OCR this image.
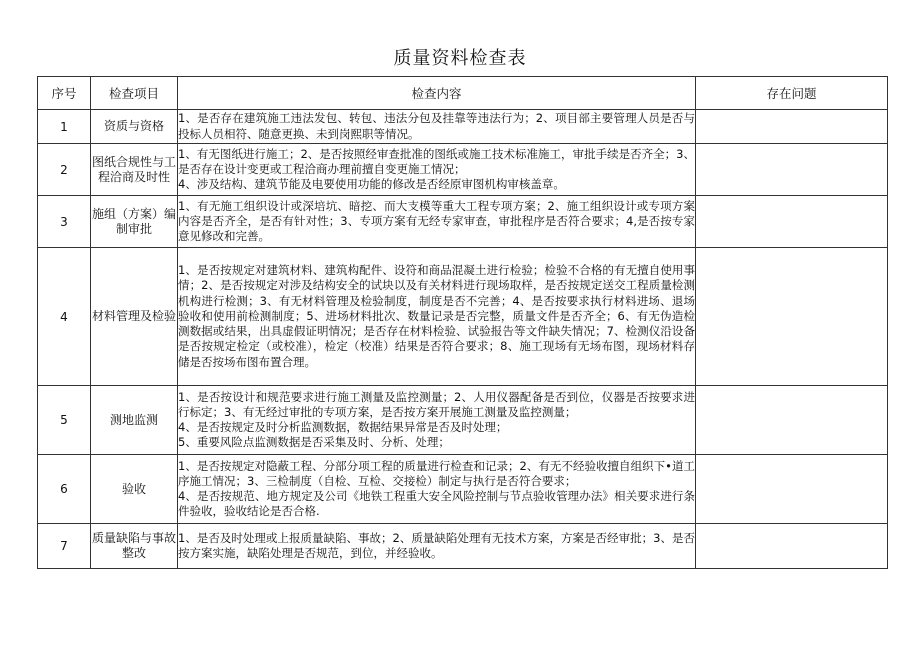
质量资料检查表
序号	检查项目	检查内容	存在问题
1	资质与资格	1、是否存在建筑施工违法发包、转包、违法分包及挂靠等违法行为；2、项目部主要管理人员是否与投标人员相符、随意更换、未到岗熙职等情况。	

2	图纸合规性与工程洽商及时性	1、有无图纸进行施工；2、是否按照经审查批准的图纸或施工技术标准施工，审批手续是否齐全；3、是否存在设计变更或工程洽商办理前擅自变更施工情况；
4、涉及结构、建筑节能及电要使用功能的修改是否经原审图机构审核盖章。	

3	施组（方案）编制审批	1、有无施工组织设计或深培坑、暗挖、而大支模等重大工程专项方案；2、施工组织设计或专项方案内容是否齐全，是否有针对性；3、专项方案有无经专家审查，审批程序是否符合要求；4,是否按专家意见修改和完善。	

4	材料管理及检验	1、是否按规定对建筑材料、建筑构配件、设符和商品混凝土进行检验；检验不合格的有无擅自使用事情；2、是否按规定对涉及结构安全的试块以及有关材料进行现场取样，是否按规定送交工程质量检测机构进行检测；3、有无材料管理及检验制度，制度是否不完善；4、是否按要求执行材料进场、退场验收和使用前检测制度；5、进场材料批次、数量记录是否完整，质量文件是否齐全；6、有无伪造检测数据或结果，出具虚假证明情况；是否存在材料检验、试验报告等文件缺失情况；7、检测仪沿设备是否按规定检定（或校准），检定（校准）结果是否符合要求；8、施工现场有无场布图，现场材料存储是否按场布图布置合理。	

5	测地监测	1、是否按设计和规范要求进行施工测量及监控测量；2、人用仪器配备是否到位，仪器是否按要求进行标定；3、有无经过审批的专项方案，是否按方案开展施工测量及监控测量；
4、是否按规定及时分析监测数据，数据结果异常是否及时处理；
5、重要风险点监测数据是否采集及时、分析、处理；	

6	验收	1、是否按规定对隐蔽工程、分部分项工程的质量进行检查和记录；2、有无不经验收擅自组织下•道工序施工情况；3、三检制度（自检、互检、交接检）制定与执行是否符合要求；
4、是否按规范、地方规定及公司《地铁工程重大安全风险控制与节点验收管理办法》相关要求进行条件验收，验收结论是否合格.	

7	质量缺陷与事故整改	1、是否及时处理或上报质量缺陷、事故；2、质量缺陷处理有无技术方案，方案是否经审批；3、是否按方案实施，缺陷处理是否规范，到位，并经验收。	
